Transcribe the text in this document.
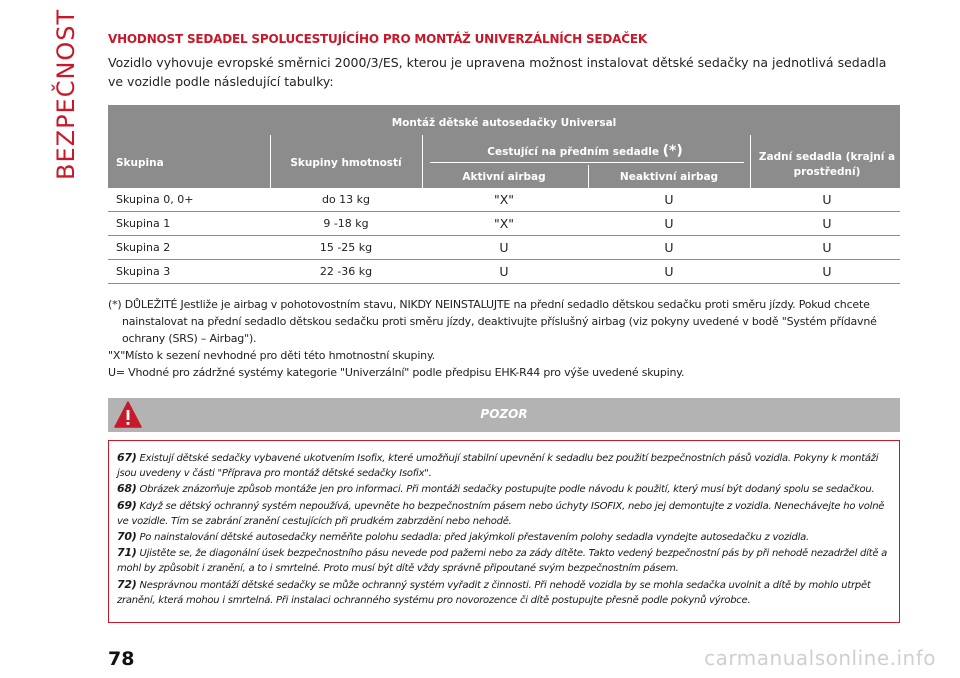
BEZPEČNOST VHODNOST SEDADEL SPOLUCESTUJÍCÍHO PRO MONTÁŽ UNIVERZÁLNÍCH SEDAČEK
Vozidlo vyhovuje evropské směrnici 2000/3/ES, kterou je upravena možnost instalovat dětské sedačky na jednotlivá sedadla ve vozidle podle následující tabulky:
Montáž dětské autosedačky Universal
Skupina	Skupiny hmotností
Cestující na předním sedadle (*)
Aktivní airbag	Neaktivní airbag
Zadní sedadla (krajní a prostřední)
Skupina 0, 0+	do 13 kg	"X"	U	U
Skupina 1	9 -18 kg	"X"	U	U
Skupina 2	15 -25 kg	U	U	U
Skupina 3	22 -36 kg	U	U	U
(*) DŮLEŽITÉ Jestliže je airbag v pohotovostním stavu, NIKDY NEINSTALUJTE na přední sedadlo dětskou sedačku proti směru jízdy. Pokud chcete
nainstalovat na přední sedadlo dětskou sedačku proti směru jízdy, deaktivujte příslušný airbag (viz pokyny uvedené v bodě "Systém přídavné
ochrany (SRS) – Airbag").
"X"Místo k sezení nevhodné pro děti této hmotnostní skupiny.
U= Vhodné pro zádržné systémy kategorie "Univerzální" podle předpisu EHK-R44 pro výše uvedené skupiny.
POZOR

67) Existují dětské sedačky vybavené ukotvením Isofix, které umožňují stabilní upevnění k sedadlu bez použití bezpečnostních pásů vozidla. Pokyny k montáži jsou uvedeny v části "Příprava pro montáž dětské sedačky Isofix".

68) Obrázek znázorňuje způsob montáže jen pro informaci. Při montáži sedačky postupujte podle návodu k použití, který musí být dodaný spolu se sedačkou.

69) Když se dětský ochranný systém nepoužívá, upevněte ho bezpečnostním pásem nebo úchyty ISOFIX, nebo jej demontujte z vozidla. Nenechávejte ho volně ve vozidle. Tím se zabrání zranění cestujících při prudkém zabrzdění nebo nehodě.

70) Po nainstalování dětské autosedačky neměňte polohu sedadla: před jakýmkoli přestavením polohy sedadla vyndejte autosedačku z vozidla.

71) Ujistěte se, že diagonální úsek bezpečnostního pásu nevede pod pažemi nebo za zády dítěte. Takto vedený bezpečnostní pás by při nehodě nezadržel dítě a mohl by způsobit i zranění, a to i smrtelné. Proto musí být dítě vždy správně připoutané svým bezpečnostním pásem.

72) Nesprávnou montáží dětské sedačky se může ochranný systém vyřadit z činnosti. Při nehodě vozidla by se mohla sedačka uvolnit a dítě by mohlo utrpět zranění, která mohou i smrtelná. Při instalaci ochranného systému pro novorozence či dítě postupujte přesně podle pokynů výrobce.

78	carmanualsonline.info
